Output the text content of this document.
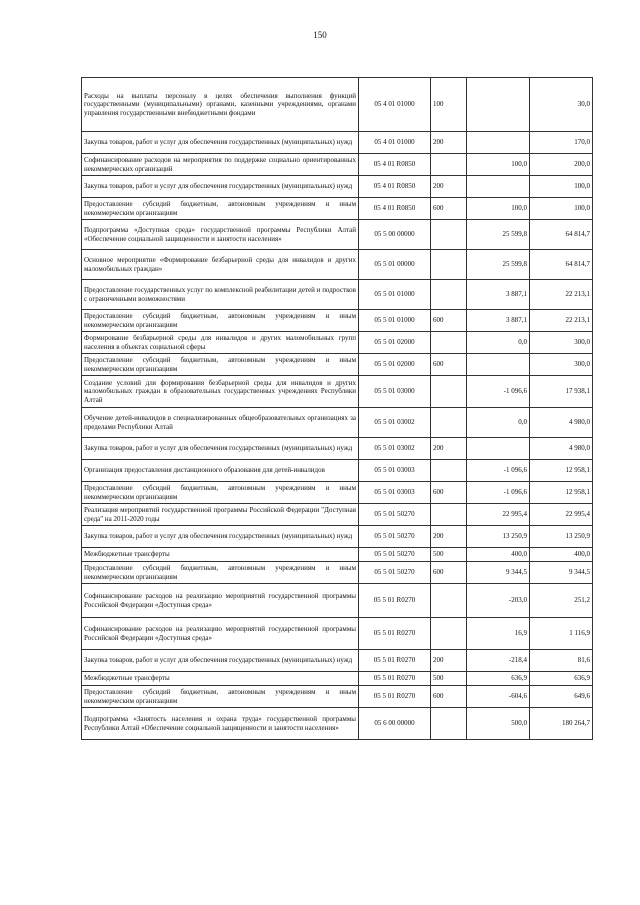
150
Расходы на выплаты персоналу в целях обеспечения выполнения функций государственными (муниципальными) органами, казенными учреждениями, органами управления государственными внебюджетными фондами	05 4 01 01000	100		30,0
Закупка товаров, работ и услуг для обеспечения государственных (муниципальных) нужд	05 4 01 01000	200		170,0
Софинансирование расходов на мероприятия по поддержке социально ориентированных некоммерческих организаций	05 4 01 R0850		100,0	200,0
Закупка товаров, работ и услуг для обеспечения государственных (муниципальных) нужд	05 4 01 R0850	200		100,0
Предоставление субсидий бюджетным, автономным учреждениям и иным некоммерческим организациям	05 4 01 R0850	600	100,0	100,0
Подпрограмма «Доступная среда» государственной программы Республики Алтай «Обеспечение социальной защищенности и занятости населения»	05 5 00 00000		25 599,8	64 814,7
Основное мероприятие «Формирование безбарьерной среды для инвалидов и других маломобильных граждан»	05 5 01 00000		25 599,8	64 814,7
Предоставление государственных услуг по комплексной реабилитации детей и подростков с ограниченными возможностями	05 5 01 01000		3 887,1	22 213,1
Предоставление субсидий бюджетным, автономным учреждениям и иным некоммерческим организациям	05 5 01 01000	600	3 887,1	22 213,1
Формирование безбарьерной среды для инвалидов и других маломобильных групп населения в объектах социальной сферы	05 5 01 02000		0,0	300,0
Предоставление субсидий бюджетным, автономным учреждениям и иным некоммерческим организациям	05 5 01 02000	600		300,0
Создание условий для формирования безбарьерной среды для инвалидов и других маломобильных граждан в образовательных государственных учреждениях Республики Алтай	05 5 01 03000		-1 096,6	17 938,1
Обучение детей-инвалидов в специализированных общеобразовательных организациях за пределами Республики Алтай	05 5 01 03002		0,0	4 980,0
Закупка товаров, работ и услуг для обеспечения государственных (муниципальных) нужд	05 5 01 03002	200		4 980,0
Организация предоставления дистанционного образования для детей-инвалидов	05 5 01 03003		-1 096,6	12 958,1
Предоставление субсидий бюджетным, автономным учреждениям и иным некоммерческим организациям	05 5 01 03003	600	-1 096,6	12 958,1
Реализация мероприятий государственной программы Российской Федерации "Доступная среда" на 2011-2020 годы	05 5 01 50270		22 995,4	22 995,4
Закупка товаров, работ и услуг для обеспечения государственных (муниципальных) нужд	05 5 01 50270	200	13 250,9	13 250,9
Межбюджетные трансферты	05 5 01 50270	500	400,0	400,0
Предоставление субсидий бюджетным, автономным учреждениям и иным некоммерческим организациям	05 5 01 50270	600	9 344,5	9 344,5
Софинансирование расходов на реализацию мероприятий государственной программы Российской Федерации «Доступная среда»	05 5 01 R0270		-203,0	251,2
Софинансирование расходов на реализацию мероприятий государственной программы Российской Федерации «Доступная среда»	05 5 01 R0270		16,9	1 116,9
Закупка товаров, работ и услуг для обеспечения государственных (муниципальных) нужд	05 5 01 R0270	200	-218,4	81,6
Межбюджетные трансферты	05 5 01 R0270	500	636,9	636,9
Предоставление субсидий бюджетным, автономным учреждениям и иным некоммерческим организациям	05 5 01 R0270	600	-604,6	649,6
Подпрограмма «Занятость населения и охрана труда» государственной программы Республики Алтай «Обеспечение социальной защищенности и занятости населения»	05 6 00 00000		500,0	180 264,7
